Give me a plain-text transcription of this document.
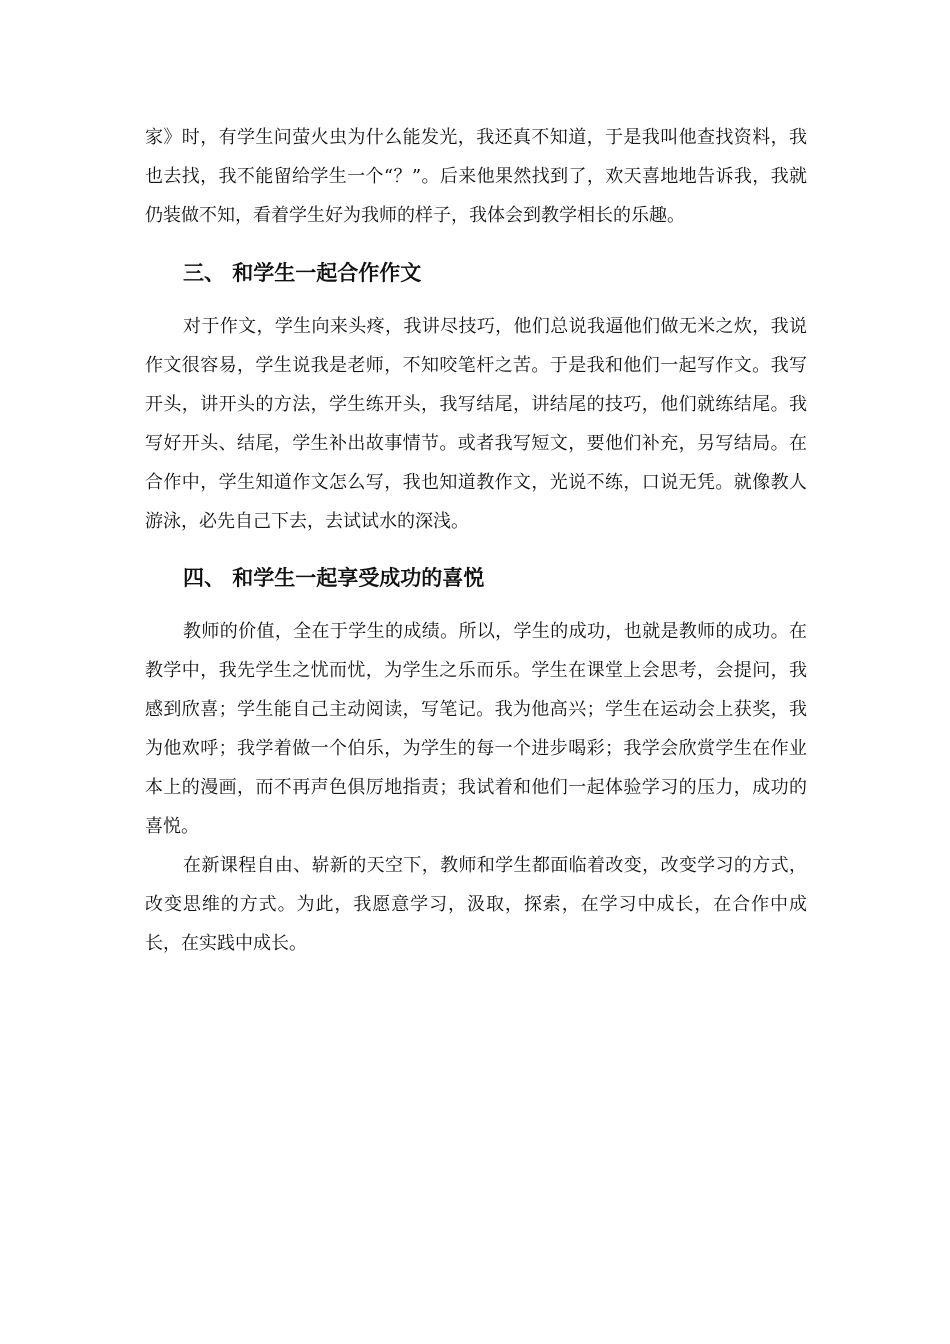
家》时，有学生问萤火虫为什么能发光，我还真不知道，于是我叫他查找资料，我也去找，我不能留给学生一个“？”。后来他果然找到了，欢天喜地地告诉我，我就仍装做不知，看着学生好为我师的样子，我体会到教学相长的乐趣。

三、 和学生一起合作作文

对于作文，学生向来头疼，我讲尽技巧，他们总说我逼他们做无米之炊，我说作文很容易，学生说我是老师，不知咬笔杆之苦。于是我和他们一起写作文。我写开头，讲开头的方法，学生练开头，我写结尾，讲结尾的技巧，他们就练结尾。我写好开头、结尾，学生补出故事情节。或者我写短文，要他们补充，另写结局。在合作中，学生知道作文怎么写，我也知道教作文，光说不练，口说无凭。就像教人游泳，必先自己下去，去试试水的深浅。

四、 和学生一起享受成功的喜悦

教师的价值，全在于学生的成绩。所以，学生的成功，也就是教师的成功。在教学中，我先学生之忧而忧，为学生之乐而乐。学生在课堂上会思考，会提问，我感到欣喜；学生能自己主动阅读，写笔记。我为他高兴；学生在运动会上获奖，我为他欢呼；我学着做一个伯乐，为学生的每一个进步喝彩；我学会欣赏学生在作业本上的漫画，而不再声色俱厉地指责；我试着和他们一起体验学习的压力，成功的喜悦。

在新课程自由、崭新的天空下，教师和学生都面临着改变，改变学习的方式，改变思维的方式。为此，我愿意学习，汲取，探索，在学习中成长，在合作中成长，在实践中成长。
